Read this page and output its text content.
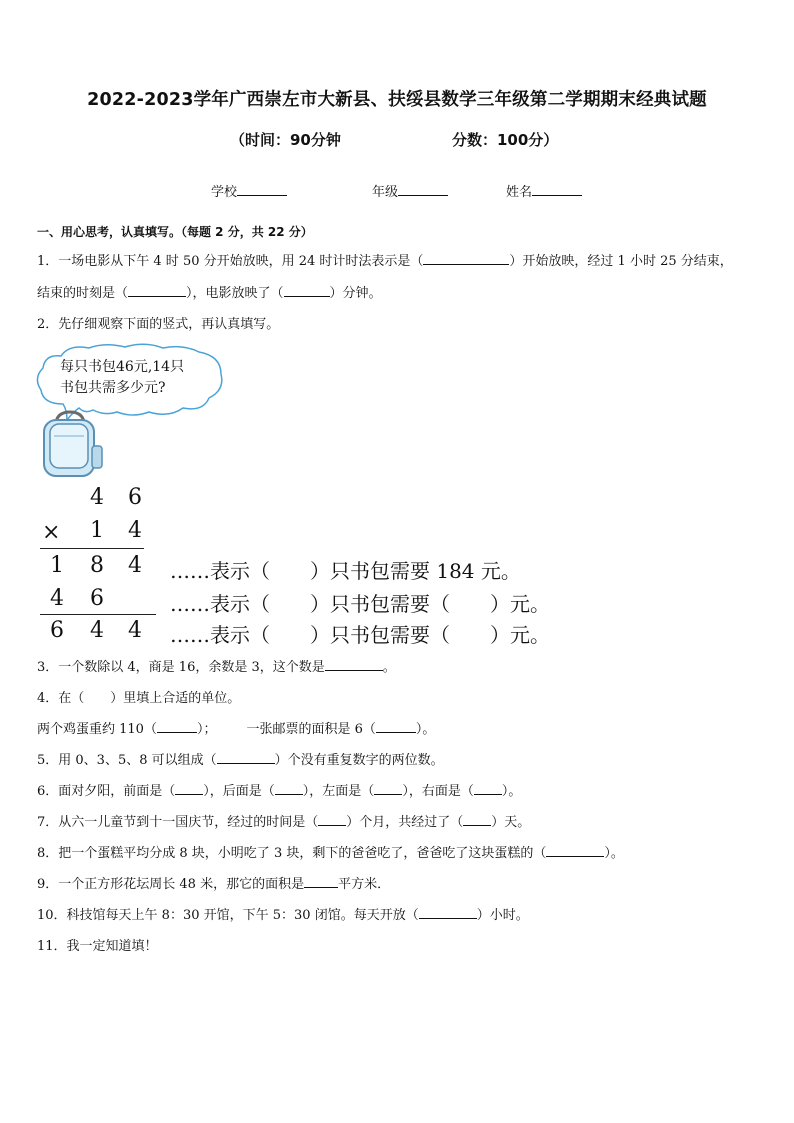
2022-2023学年广西崇左市大新县、扶绥县数学三年级第二学期期末经典试题
（时间：90分钟	分数：100分）
学校	年级	姓名
一、用心思考，认真填写。（每题 2 分，共 22 分）
1．一场电影从下午 4 时 50 分开始放映，用 24 时计时法表示是（	）开始放映，经过 1 小时 25 分结束，
结束的时刻是（	），电影放映了（	）分钟。
2．先仔细观察下面的竖式，再认真填写。
每只书包46元,14只
书包共需多少元?
4 6
× 1 4
1 8 4
4 6
6 4 4
……表示（　　）只书包需要 184 元。
……表示（　　）只书包需要（　　）元。
……表示（　　）只书包需要（　　）元。
3．一个数除以 4，商是 16，余数是 3，这个数是	。
4．在（　　）里填上合适的单位。
两个鸡蛋重约 110（	）； 一张邮票的面积是 6（	）。
5．用 0、3、5、8 可以组成（	）个没有重复数字的两位数。
6．面对夕阳，前面是（ ），后面是（ ），左面是（ ），右面是（ ）。
7．从六一儿童节到十一国庆节，经过的时间是（ ）个月，共经过了（ ）天。
8．把一个蛋糕平均分成 8 块，小明吃了 3 块，剩下的爸爸吃了，爸爸吃了这块蛋糕的（	）。
9．一个正方形花坛周长 48 米，那它的面积是	平方米．
10．科技馆每天上午 8：30 开馆，下午 5：30 闭馆。每天开放（	）小时。
11．我一定知道填！
